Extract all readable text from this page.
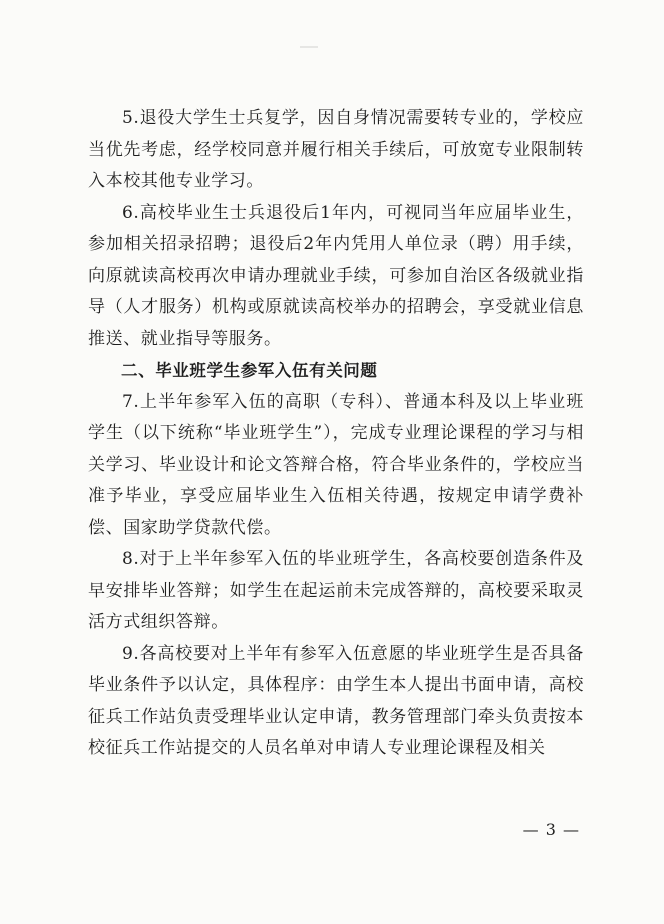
5.退役大学生士兵复学，因自身情况需要转专业的，学校应当优先考虑，经学校同意并履行相关手续后，可放宽专业限制转入本校其他专业学习。

6.高校毕业生士兵退役后1年内，可视同当年应届毕业生，参加相关招录招聘；退役后2年内凭用人单位录（聘）用手续，向原就读高校再次申请办理就业手续，可参加自治区各级就业指导（人才服务）机构或原就读高校举办的招聘会，享受就业信息推送、就业指导等服务。

二、毕业班学生参军入伍有关问题

7.上半年参军入伍的高职（专科）、普通本科及以上毕业班学生（以下统称“毕业班学生”），完成专业理论课程的学习与相关学习、毕业设计和论文答辩合格，符合毕业条件的，学校应当准予毕业，享受应届毕业生入伍相关待遇，按规定申请学费补偿、国家助学贷款代偿。

8.对于上半年参军入伍的毕业班学生，各高校要创造条件及早安排毕业答辩；如学生在起运前未完成答辩的，高校要采取灵活方式组织答辩。

9.各高校要对上半年有参军入伍意愿的毕业班学生是否具备毕业条件予以认定，具体程序：由学生本人提出书面申请，高校征兵工作站负责受理毕业认定申请，教务管理部门牵头负责按本校征兵工作站提交的人员名单对申请人专业理论课程及相关

— 3 —
